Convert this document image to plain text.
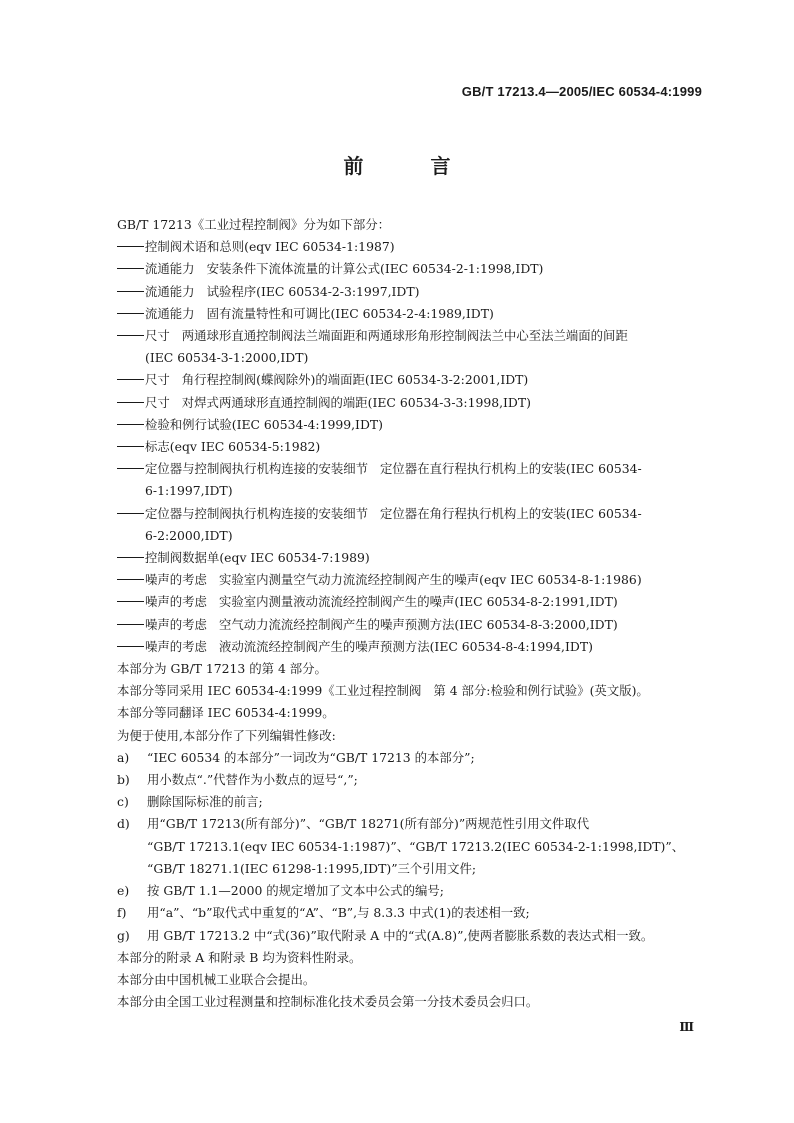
GB/T 17213.4—2005/IEC 60534-4:1999
前 言
GB/T 17213《工业过程控制阀》分为如下部分：
控制阀术语和总则(eqv IEC 60534-1:1987)
流通能力 安装条件下流体流量的计算公式(IEC 60534-2-1:1998,IDT)
流通能力 试验程序(IEC 60534-2-3:1997,IDT)
流通能力 固有流量特性和可调比(IEC 60534-2-4:1989,IDT)
尺寸 两通球形直通控制阀法兰端面距和两通球形角形控制阀法兰中心至法兰端面的间距
(IEC 60534-3-1:2000,IDT)
尺寸 角行程控制阀(蝶阀除外)的端面距(IEC 60534-3-2:2001,IDT)
尺寸 对焊式两通球形直通控制阀的端距(IEC 60534-3-3:1998,IDT)
检验和例行试验(IEC 60534-4:1999,IDT)
标志(eqv IEC 60534-5:1982)
定位器与控制阀执行机构连接的安装细节 定位器在直行程执行机构上的安装(IEC 60534-
6-1:1997,IDT)
定位器与控制阀执行机构连接的安装细节 定位器在角行程执行机构上的安装(IEC 60534-
6-2:2000,IDT)
控制阀数据单(eqv IEC 60534-7:1989)
噪声的考虑 实验室内测量空气动力流流经控制阀产生的噪声(eqv IEC 60534-8-1:1986)
噪声的考虑 实验室内测量液动流流经控制阀产生的噪声(IEC 60534-8-2:1991,IDT)
噪声的考虑 空气动力流流经控制阀产生的噪声预测方法(IEC 60534-8-3:2000,IDT)
噪声的考虑 液动流流经控制阀产生的噪声预测方法(IEC 60534-8-4:1994,IDT)
本部分为 GB/T 17213 的第 4 部分。
本部分等同采用 IEC 60534-4:1999《工业过程控制阀 第 4 部分:检验和例行试验》(英文版)。
本部分等同翻译 IEC 60534-4:1999。
为便于使用,本部分作了下列编辑性修改:
a) “IEC 60534 的本部分”一词改为“GB/T 17213 的本部分”;
b) 用小数点“.”代替作为小数点的逗号“,”;
c) 删除国际标准的前言;
d) 用“GB/T 17213(所有部分)”、“GB/T 18271(所有部分)”两规范性引用文件取代
“GB/T 17213.1(eqv IEC 60534-1:1987)”、“GB/T 17213.2(IEC 60534-2-1:1998,IDT)”、
“GB/T 18271.1(IEC 61298-1:1995,IDT)”三个引用文件;
e) 按 GB/T 1.1—2000 的规定增加了文本中公式的编号;
f) 用“a”、“b”取代式中重复的“A”、“B”,与 8.3.3 中式(1)的表述相一致;
g) 用 GB/T 17213.2 中“式(36)”取代附录 A 中的“式(A.8)”,使两者膨胀系数的表达式相一致。
本部分的附录 A 和附录 B 均为资料性附录。
本部分由中国机械工业联合会提出。
本部分由全国工业过程测量和控制标准化技术委员会第一分技术委员会归口。
Ⅲ
